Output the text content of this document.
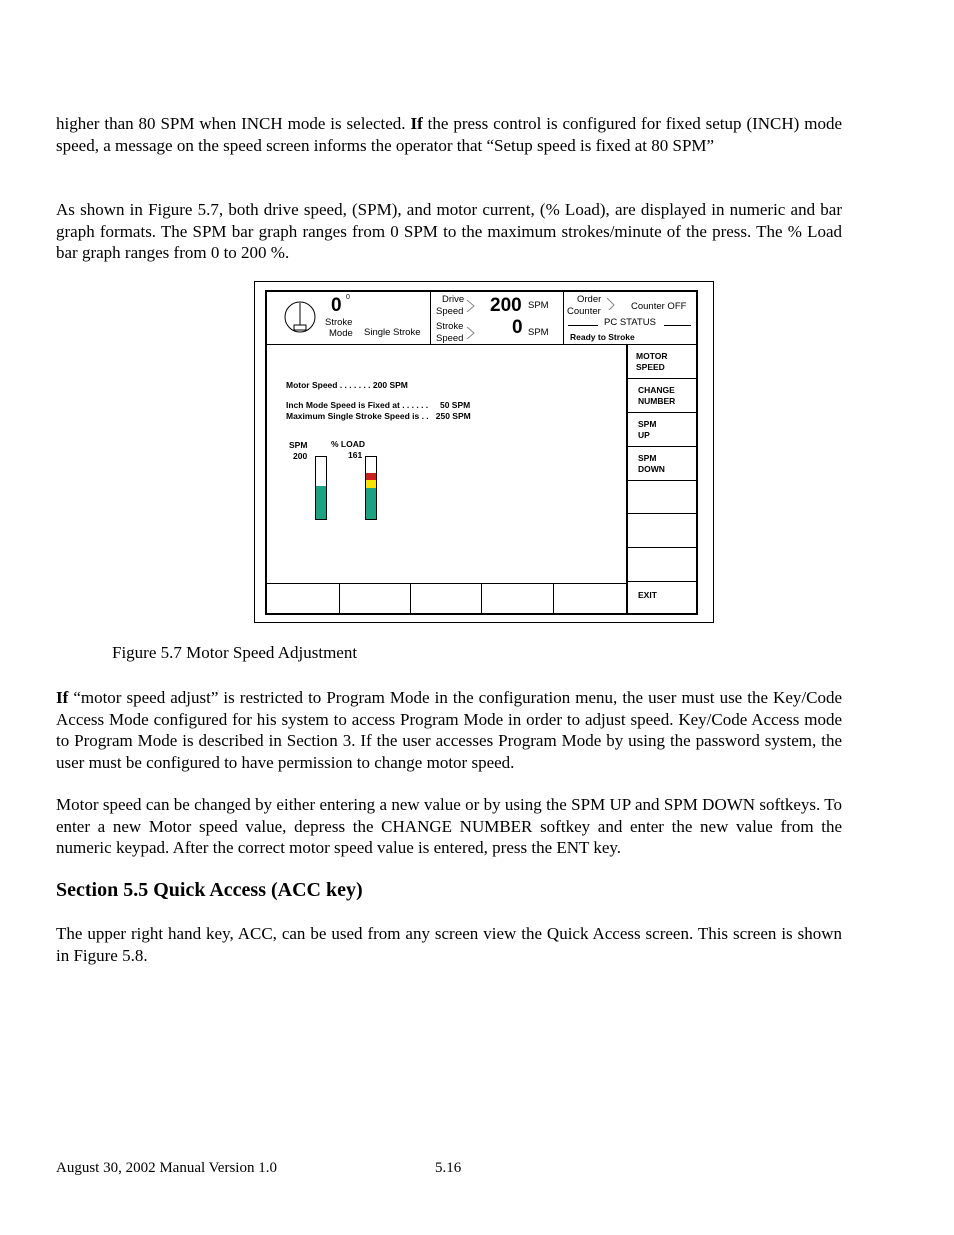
higher than 80 SPM when INCH mode is selected. If the press control is configured for fixed setup (INCH) mode speed, a message on the speed screen informs the operator that “Setup speed is fixed at 80 SPM”

As shown in Figure 5.7, both drive speed, (SPM), and motor current, (% Load), are displayed in numeric and bar graph formats. The SPM bar graph ranges from 0 SPM to the maximum strokes/minute of the press. The % Load bar graph ranges from 0 to 200 %.

0 0
Stroke
Mode Single Stroke
Drive
Speed
Stroke
Speed
200 SPM
0 SPM
Order
Counter	Counter OFF
PC STATUS
Ready to Stroke
Motor Speed . . . . . . . 200 SPM
Inch Mode Speed is Fixed at . . . . . .     50 SPM
Maximum Single Stroke Speed is . .   250 SPM
SPM
200
% LOAD
161
MOTOR
SPEED
CHANGE
NUMBER
SPM
UP
SPM
DOWN
EXIT
Figure 5.7 Motor Speed Adjustment

If “motor speed adjust” is restricted to Program Mode in the configuration menu, the user must use the Key/Code Access Mode configured for his system to access Program Mode in order to adjust speed. Key/Code Access mode to Program Mode is described in Section 3. If the user accesses Program Mode by using the password system, the user must be configured to have permission to change motor speed.

Motor speed can be changed by either entering a new value or by using the SPM UP and SPM DOWN softkeys. To enter a new Motor speed value, depress the CHANGE NUMBER softkey and enter the new value from the numeric keypad. After the correct motor speed value is entered, press the ENT key.

Section 5.5 Quick Access (ACC key)

The upper right hand key, ACC, can be used from any screen view the Quick Access screen. This screen is shown in Figure 5.8.

August 30, 2002 Manual Version 1.0	5.16
